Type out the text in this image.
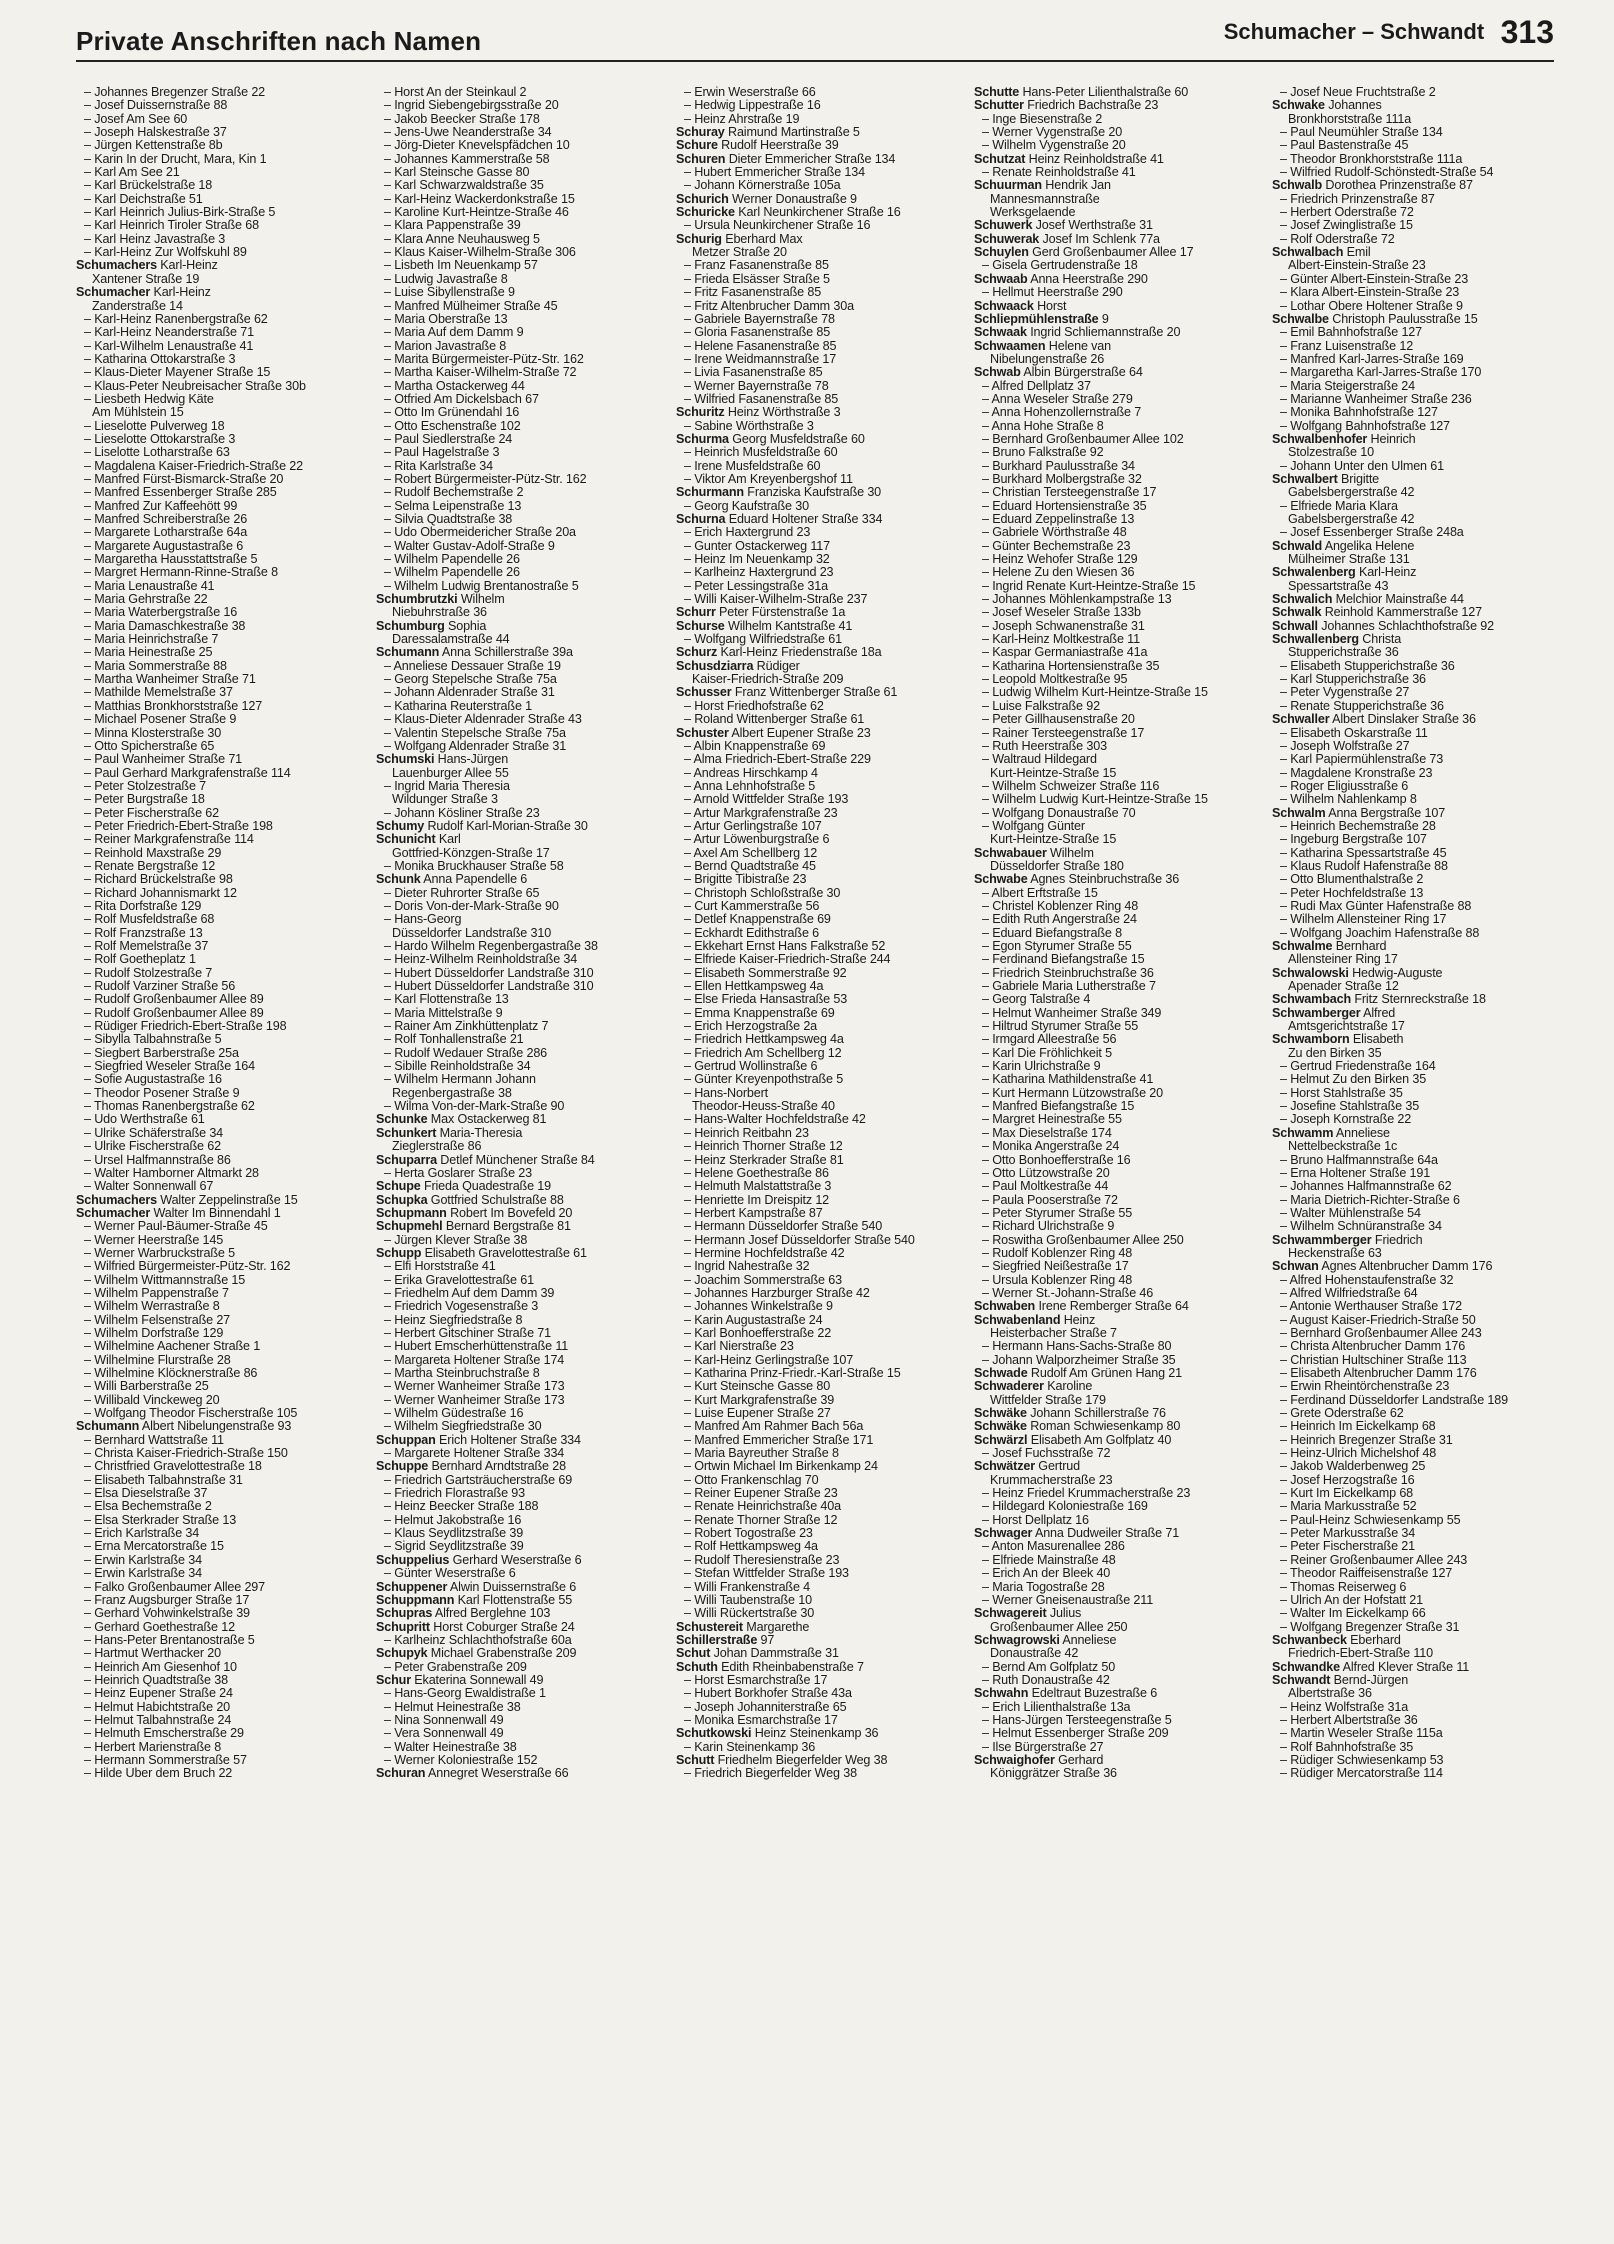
Private Anschriften nach Namen	Schumacher – Schwandt 313
– Johannes Bregenzer Straße 22
– Josef Duissernstraße 88
– Josef Am See 60
– Joseph Halskestraße 37
– Jürgen Kettenstraße 8b
– Karin In der Drucht, Mara, Kin 1
– Karl Am See 21
– Karl Brückelstraße 18
– Karl Deichstraße 51
– Karl Heinrich Julius-Birk-Straße 5
– Karl Heinrich Tiroler Straße 68
– Karl Heinz Javastraße 3
– Karl-Heinz Zur Wolfskuhl 89
Schumachers Karl-Heinz
Xantener Straße 19
Schumacher Karl-Heinz
Zanderstraße 14
– Karl-Heinz Ranenbergstraße 62
– Karl-Heinz Neanderstraße 71
– Karl-Wilhelm Lenaustraße 41
– Katharina Ottokarstraße 3
– Klaus-Dieter Mayener Straße 15
– Klaus-Peter Neubreisacher Straße 30b
– Liesbeth Hedwig Käte
Am Mühlstein 15
– Lieselotte Pulverweg 18
– Lieselotte Ottokarstraße 3
– Liselotte Lotharstraße 63
– Magdalena Kaiser-Friedrich-Straße 22
– Manfred Fürst-Bismarck-Straße 20
– Manfred Essenberger Straße 285
– Manfred Zur Kaffeehött 99
– Manfred Schreiberstraße 26
– Margarete Lotharstraße 64a
– Margarete Augustastraße 6
– Margaretha Hausstattstraße 5
– Margret Hermann-Rinne-Straße 8
– Maria Lenaustraße 41
– Maria Gehrstraße 22
– Maria Waterbergstraße 16
– Maria Damaschkestraße 38
– Maria Heinrichstraße 7
– Maria Heinestraße 25
– Maria Sommerstraße 88
– Martha Wanheimer Straße 71
– Mathilde Memelstraße 37
– Matthias Bronkhorststraße 127
– Michael Posener Straße 9
– Minna Klosterstraße 30
– Otto Spicherstraße 65
– Paul Wanheimer Straße 71
– Paul Gerhard Markgrafenstraße 114
– Peter Stolzestraße 7
– Peter Burgstraße 18
– Peter Fischerstraße 62
– Peter Friedrich-Ebert-Straße 198
– Reiner Markgrafenstraße 114
– Reinhold Maxstraße 29
– Renate Bergstraße 12
– Richard Brückelstraße 98
– Richard Johannismarkt 12
– Rita Dorfstraße 129
– Rolf Musfeldstraße 68
– Rolf Franzstraße 13
– Rolf Memelstraße 37
– Rolf Goetheplatz 1
– Rudolf Stolzestraße 7
– Rudolf Varziner Straße 56
– Rudolf Großenbaumer Allee 89
– Rudolf Großenbaumer Allee 89
– Rüdiger Friedrich-Ebert-Straße 198
– Sibylla Talbahnstraße 5
– Siegbert Barberstraße 25a
– Siegfried Weseler Straße 164
– Sofie Augustastraße 16
– Theodor Posener Straße 9
– Thomas Ranenbergstraße 62
– Udo Werthstraße 61
– Ulrike Schäferstraße 34
– Ulrike Fischerstraße 62
– Ursel Halfmannstraße 86
– Walter Hamborner Altmarkt 28
– Walter Sonnenwall 67
Schumachers Walter Zeppelinstraße 15
Schumacher Walter Im Binnendahl 1
– Werner Paul-Bäumer-Straße 45
– Werner Heerstraße 145
– Werner Warbruckstraße 5
– Wilfried Bürgermeister-Pütz-Str. 162
– Wilhelm Wittmannstraße 15
– Wilhelm Pappenstraße 7
– Wilhelm Werrastraße 8
– Wilhelm Felsenstraße 27
– Wilhelm Dorfstraße 129
– Wilhelmine Aachener Straße 1
– Wilhelmine Flurstraße 28
– Wilhelmine Klöcknerstraße 86
– Willi Barberstraße 25
– Willibald Vinckeweg 20
– Wolfgang Theodor Fischerstraße 105
Schumann Albert Nibelungenstraße 93
– Bernhard Wattstraße 11
– Christa Kaiser-Friedrich-Straße 150
– Christfried Gravelottestraße 18
– Elisabeth Talbahnstraße 31
– Elsa Dieselstraße 37
– Elsa Bechemstraße 2
– Elsa Sterkrader Straße 13
– Erich Karlstraße 34
– Erna Mercatorstraße 15
– Erwin Karlstraße 34
– Erwin Karlstraße 34
– Falko Großenbaumer Allee 297
– Franz Augsburger Straße 17
– Gerhard Vohwinkelstraße 39
– Gerhard Goethestraße 12
– Hans-Peter Brentanostraße 5
– Hartmut Werthacker 20
– Heinrich Am Giesenhof 10
– Heinrich Quadtstraße 38
– Heinz Eupener Straße 24
– Helmut Habichtstraße 20
– Helmut Talbahnstraße 24
– Helmuth Emscherstraße 29
– Herbert Marienstraße 8
– Hermann Sommerstraße 57
– Hilde Über dem Bruch 22
– Horst An der Steinkaul 2
– Ingrid Siebengebirgsstraße 20
– Jakob Beecker Straße 178
– Jens-Uwe Neanderstraße 34
– Jörg-Dieter Knevelspfädchen 10
– Johannes Kammerstraße 58
– Karl Steinsche Gasse 80
– Karl Schwarzwaldstraße 35
– Karl-Heinz Wackerdonkstraße 15
– Karoline Kurt-Heintze-Straße 46
– Klara Pappenstraße 39
– Klara Anne Neuhausweg 5
– Klaus Kaiser-Wilhelm-Straße 306
– Lisbeth Im Neuenkamp 57
– Ludwig Javastraße 8
– Luise Sibyllenstraße 9
– Manfred Mülheimer Straße 45
– Maria Oberstraße 13
– Maria Auf dem Damm 9
– Marion Javastraße 8
– Marita Bürgermeister-Pütz-Str. 162
– Martha Kaiser-Wilhelm-Straße 72
– Martha Ostackerweg 44
– Otfried Am Dickelsbach 67
– Otto Im Grünendahl 16
– Otto Eschenstraße 102
– Paul Siedlerstraße 24
– Paul Hagelstraße 3
– Rita Karlstraße 34
– Robert Bürgermeister-Pütz-Str. 162
– Rudolf Bechemstraße 2
– Selma Leipenstraße 13
– Silvia Quadtstraße 38
– Udo Obermeidericher Straße 20a
– Walter Gustav-Adolf-Straße 9
– Wilhelm Papendelle 26
– Wilhelm Papendelle 26
– Wilhelm Ludwig Brentanostraße 5
Schumbrutzki Wilhelm
Niebuhrstraße 36
Schumburg Sophia
Daressalamstraße 44
Schumann Anna Schillerstraße 39a
– Anneliese Dessauer Straße 19
– Georg Stepelsche Straße 75a
– Johann Aldenrader Straße 31
– Katharina Reuterstraße 1
– Klaus-Dieter Aldenrader Straße 43
– Valentin Stepelsche Straße 75a
– Wolfgang Aldenrader Straße 31
Schumski Hans-Jürgen
Lauenburger Allee 55
– Ingrid Maria Theresia
Wildunger Straße 3
– Johann Kösliner Straße 23
Schumy Rudolf Karl-Morian-Straße 30
Schunicht Karl
Gottfried-Könzgen-Straße 17
– Monika Bruckhauser Straße 58
Schunk Anna Papendelle 6
– Dieter Ruhrorter Straße 65
– Doris Von-der-Mark-Straße 90
– Hans-Georg
Düsseldorfer Landstraße 310
– Hardo Wilhelm Regenbergastraße 38
– Heinz-Wilhelm Reinholdstraße 34
– Hubert Düsseldorfer Landstraße 310
– Hubert Düsseldorfer Landstraße 310
– Karl Flottenstraße 13
– Maria Mittelstraße 9
– Rainer Am Zinkhüttenplatz 7
– Rolf Tonhallenstraße 21
– Rudolf Wedauer Straße 286
– Sibille Reinholdstraße 34
– Wilhelm Hermann Johann
Regenbergastraße 38
– Wilma Von-der-Mark-Straße 90
Schunke Max Ostackerweg 81
Schunkert Maria-Theresia
Zieglerstraße 86
Schuparra Detlef Münchener Straße 84
– Herta Goslarer Straße 23
Schupe Frieda Quadestraße 19
Schupka Gottfried Schulstraße 88
Schupmann Robert Im Bovefeld 20
Schupmehl Bernard Bergstraße 81
– Jürgen Klever Straße 38
Schupp Elisabeth Gravelottestraße 61
– Elfi Horststraße 41
– Erika Gravelottestraße 61
– Friedhelm Auf dem Damm 39
– Friedrich Vogesenstraße 3
– Heinz Siegfriedstraße 8
– Herbert Gitschiner Straße 71
– Hubert Emscherhüttenstraße 11
– Margareta Holtener Straße 174
– Martha Steinbruchstraße 8
– Werner Wanheimer Straße 173
– Werner Wanheimer Straße 173
– Wilhelm Güdestraße 16
– Wilhelm Siegfriedstraße 30
Schuppan Erich Holtener Straße 334
– Margarete Holtener Straße 334
Schuppe Bernhard Arndtstraße 28
– Friedrich Gartsträucherstraße 69
– Friedrich Florastraße 93
– Heinz Beecker Straße 188
– Helmut Jakobstraße 16
– Klaus Seydlitzstraße 39
– Sigrid Seydlitzstraße 39
Schuppelius Gerhard Weserstraße 6
– Günter Weserstraße 6
Schuppener Alwin Duissernstraße 6
Schuppmann Karl Flottenstraße 55
Schupras Alfred Berglehne 103
Schupritt Horst Coburger Straße 24
– Karlheinz Schlachthofstraße 60a
Schupyk Michael Grabenstraße 209
– Peter Grabenstraße 209
Schur Ekaterina Sonnewall 49
– Hans-Georg Ewaldistraße 1
– Helmut Heinestraße 38
– Nina Sonnenwall 49
– Vera Sonnenwall 49
– Walter Heinestraße 38
– Werner Koloniestraße 152
Schuran Annegret Weserstraße 66
– Erwin Weserstraße 66
– Hedwig Lippestraße 16
– Heinz Ahrstraße 19
Schuray Raimund Martinstraße 5
Schure Rudolf Heerstraße 39
Schuren Dieter Emmericher Straße 134
– Hubert Emmericher Straße 134
– Johann Körnerstraße 105a
Schurich Werner Donaustraße 9
Schuricke Karl Neunkirchener Straße 16
– Ursula Neunkirchener Straße 16
Schurig Eberhard Max
Metzer Straße 20
– Franz Fasanenstraße 85
– Frieda Elsässer Straße 5
– Fritz Fasanenstraße 85
– Fritz Altenbrucher Damm 30a
– Gabriele Bayernstraße 78
– Gloria Fasanenstraße 85
– Helene Fasanenstraße 85
– Irene Weidmannstraße 17
– Livia Fasanenstraße 85
– Werner Bayernstraße 78
– Wilfried Fasanenstraße 85
Schuritz Heinz Wörthstraße 3
– Sabine Wörthstraße 3
Schurma Georg Musfeldstraße 60
– Heinrich Musfeldstraße 60
– Irene Musfeldstraße 60
– Viktor Am Kreyenbergshof 11
Schurmann Franziska Kaufstraße 30
– Georg Kaufstraße 30
Schurna Eduard Holtener Straße 334
– Erich Haxtergrund 23
– Gunter Ostackerweg 117
– Heinz Im Neuenkamp 32
– Karlheinz Haxtergrund 23
– Peter Lessingstraße 31a
– Willi Kaiser-Wilhelm-Straße 237
Schurr Peter Fürstenstraße 1a
Schurse Wilhelm Kantstraße 41
– Wolfgang Wilfriedstraße 61
Schurz Karl-Heinz Friedenstraße 18a
Schusdziarra Rüdiger
Kaiser-Friedrich-Straße 209
Schusser Franz Wittenberger Straße 61
– Horst Friedhofstraße 62
– Roland Wittenberger Straße 61
Schuster Albert Eupener Straße 23
– Albin Knappenstraße 69
– Alma Friedrich-Ebert-Straße 229
– Andreas Hirschkamp 4
– Anna Lehnhofstraße 5
– Arnold Wittfelder Straße 193
– Artur Markgrafenstraße 23
– Artur Gerlingstraße 107
– Artur Löwenburgstraße 6
– Axel Am Schellberg 12
– Bernd Quadtstraße 45
– Brigitte Tibistraße 23
– Christoph Schloßstraße 30
– Curt Kammerstraße 56
– Detlef Knappenstraße 69
– Eckhardt Edithstraße 6
– Ekkehart Ernst Hans Falkstraße 52
– Elfriede Kaiser-Friedrich-Straße 244
– Elisabeth Sommerstraße 92
– Ellen Hettkampsweg 4a
– Else Frieda Hansastraße 53
– Emma Knappenstraße 69
– Erich Herzogstraße 2a
– Friedrich Hettkampsweg 4a
– Friedrich Am Schellberg 12
– Gertrud Wollinstraße 6
– Günter Kreyenpothstraße 5
– Hans-Norbert
Theodor-Heuss-Straße 40
– Hans-Walter Hochfeldstraße 42
– Heinrich Reitbahn 23
– Heinrich Thorner Straße 12
– Heinz Sterkrader Straße 81
– Helene Goethestraße 86
– Helmuth Malstattstraße 3
– Henriette Im Dreispitz 12
– Herbert Kampstraße 87
– Hermann Düsseldorfer Straße 540
– Hermann Josef Düsseldorfer Straße 540
– Hermine Hochfeldstraße 42
– Ingrid Nahestraße 32
– Joachim Sommerstraße 63
– Johannes Harzburger Straße 42
– Johannes Winkelstraße 9
– Karin Augustastraße 24
– Karl Bonhoefferstraße 22
– Karl Nierstraße 23
– Karl-Heinz Gerlingstraße 107
– Katharina Prinz-Friedr.-Karl-Straße 15
– Kurt Steinsche Gasse 80
– Kurt Markgrafenstraße 39
– Luise Eupener Straße 27
– Manfred Am Rahmer Bach 56a
– Manfred Emmericher Straße 171
– Maria Bayreuther Straße 8
– Ortwin Michael Im Birkenkamp 24
– Otto Frankenschlag 70
– Reiner Eupener Straße 23
– Renate Heinrichstraße 40a
– Renate Thorner Straße 12
– Robert Togostraße 23
– Rolf Hettkampsweg 4a
– Rudolf Theresienstraße 23
– Stefan Wittfelder Straße 193
– Willi Frankenstraße 4
– Willi Taubenstraße 10
– Willi Rückertstraße 30
Schustereit Margarethe
Schillerstraße 97
Schut Johan Dammstraße 31
Schuth Edith Rheinbabenstraße 7
– Horst Esmarchstraße 17
– Hubert Borkhofer Straße 43a
– Joseph Johanniterstraße 65
– Monika Esmarchstraße 17
Schutkowski Heinz Steinenkamp 36
– Karin Steinenkamp 36
Schutt Friedhelm Biegerfelder Weg 38
– Friedrich Biegerfelder Weg 38
Schutte Hans-Peter Lilienthalstraße 60
Schutter Friedrich Bachstraße 23
– Inge Biesenstraße 2
– Werner Vygenstraße 20
– Wilhelm Vygenstraße 20
Schutzat Heinz Reinholdstraße 41
– Renate Reinholdstraße 41
Schuurman Hendrik Jan
Mannesmannstraße
Werksgelaende
Schuwerk Josef Werthstraße 31
Schuwerak Josef Im Schlenk 77a
Schuylen Gerd Großenbaumer Allee 17
– Gisela Gertrudenstraße 18
Schwaab Anna Heerstraße 290
– Hellmut Heerstraße 290
Schwaack Horst
Schliepmühlenstraße 9
Schwaak Ingrid Schliemannstraße 20
Schwaamen Helene van
Nibelungenstraße 26
Schwab Albin Bürgerstraße 64
– Alfred Dellplatz 37
– Anna Weseler Straße 279
– Anna Hohenzollernstraße 7
– Anna Hohe Straße 8
– Bernhard Großenbaumer Allee 102
– Bruno Falkstraße 92
– Burkhard Paulusstraße 34
– Burkhard Molbergstraße 32
– Christian Tersteegenstraße 17
– Eduard Hortensienstraße 35
– Eduard Zeppelinstraße 13
– Gabriele Wörthstraße 48
– Günter Bechemstraße 23
– Heinz Wehofer Straße 129
– Helene Zu den Wiesen 36
– Ingrid Renate Kurt-Heintze-Straße 15
– Johannes Möhlenkampstraße 13
– Josef Weseler Straße 133b
– Joseph Schwanenstraße 31
– Karl-Heinz Moltkestraße 11
– Kaspar Germaniastraße 41a
– Katharina Hortensienstraße 35
– Leopold Moltkestraße 95
– Ludwig Wilhelm Kurt-Heintze-Straße 15
– Luise Falkstraße 92
– Peter Gillhausenstraße 20
– Rainer Tersteegenstraße 17
– Ruth Heerstraße 303
– Waltraud Hildegard
Kurt-Heintze-Straße 15
– Wilhelm Schweizer Straße 116
– Wilhelm Ludwig Kurt-Heintze-Straße 15
– Wolfgang Donaustraße 70
– Wolfgang Günter
Kurt-Heintze-Straße 15
Schwabauer Wilhelm
Düsseldorfer Straße 180
Schwabe Agnes Steinbruchstraße 36
– Albert Erftstraße 15
– Christel Koblenzer Ring 48
– Edith Ruth Angerstraße 24
– Eduard Biefangstraße 8
– Egon Styrumer Straße 55
– Ferdinand Biefangstraße 15
– Friedrich Steinbruchstraße 36
– Gabriele Maria Lutherstraße 7
– Georg Talstraße 4
– Helmut Wanheimer Straße 349
– Hiltrud Styrumer Straße 55
– Irmgard Alleestraße 56
– Karl Die Fröhlichkeit 5
– Karin Ulrichstraße 9
– Katharina Mathildenstraße 41
– Kurt Hermann Lützowstraße 20
– Manfred Biefangstraße 15
– Margret Heinestraße 55
– Max Dieselstraße 174
– Monika Angerstraße 24
– Otto Bonhoefferstraße 16
– Otto Lützowstraße 20
– Paul Moltkestraße 44
– Paula Pooserstraße 72
– Peter Styrumer Straße 55
– Richard Ulrichstraße 9
– Roswitha Großenbaumer Allee 250
– Rudolf Koblenzer Ring 48
– Siegfried Neißestraße 17
– Ursula Koblenzer Ring 48
– Werner St.-Johann-Straße 46
Schwaben Irene Remberger Straße 64
Schwabenland Heinz
Heisterbacher Straße 7
– Hermann Hans-Sachs-Straße 80
– Johann Walporzheimer Straße 35
Schwade Rudolf Am Grünen Hang 21
Schwaderer Karoline
Wittfelder Straße 179
Schwäke Johann Schillerstraße 76
Schwäke Roman Schwiesenkamp 80
Schwärzl Elisabeth Am Golfplatz 40
– Josef Fuchsstraße 72
Schwätzer Gertrud
Krummacherstraße 23
– Heinz Friedel Krummacherstraße 23
– Hildegard Koloniestraße 169
– Horst Dellplatz 16
Schwager Anna Dudweiler Straße 71
– Anton Masurenallee 286
– Elfriede Mainstraße 48
– Erich An der Bleek 40
– Maria Togostraße 28
– Werner Gneisenaustraße 211
Schwagereit Julius
Großenbaumer Allee 250
Schwagrowski Anneliese
Donaustraße 42
– Bernd Am Golfplatz 50
– Ruth Donaustraße 42
Schwahn Edeltraut Buzestraße 6
– Erich Lilienthalstraße 13a
– Hans-Jürgen Tersteegenstraße 5
– Helmut Essenberger Straße 209
– Ilse Bürgerstraße 27
Schwaighofer Gerhard
Königgrätzer Straße 36
– Josef Neue Fruchtstraße 2
Schwake Johannes
Bronkhorststraße 111a
– Paul Neumühler Straße 134
– Paul Bastenstraße 45
– Theodor Bronkhorststraße 111a
– Wilfried Rudolf-Schönstedt-Straße 54
Schwalb Dorothea Prinzenstraße 87
– Friedrich Prinzenstraße 87
– Herbert Oderstraße 72
– Josef Zwinglistraße 15
– Rolf Oderstraße 72
Schwalbach Emil
Albert-Einstein-Straße 23
– Günter Albert-Einstein-Straße 23
– Klara Albert-Einstein-Straße 23
– Lothar Obere Holtener Straße 9
Schwalbe Christoph Paulusstraße 15
– Emil Bahnhofstraße 127
– Franz Luisenstraße 12
– Manfred Karl-Jarres-Straße 169
– Margaretha Karl-Jarres-Straße 170
– Maria Steigerstraße 24
– Marianne Wanheimer Straße 236
– Monika Bahnhofstraße 127
– Wolfgang Bahnhofstraße 127
Schwalbenhofer Heinrich
Stolzestraße 10
– Johann Unter den Ulmen 61
Schwalbert Brigitte
Gabelsbergerstraße 42
– Elfriede Maria Klara
Gabelsbergerstraße 42
– Josef Essenberger Straße 248a
Schwald Angelika Helene
Mülheimer Straße 131
Schwalenberg Karl-Heinz
Spessartstraße 43
Schwalich Melchior Mainstraße 44
Schwalk Reinhold Kammerstraße 127
Schwall Johannes Schlachthofstraße 92
Schwallenberg Christa
Stupperichstraße 36
– Elisabeth Stupperichstraße 36
– Karl Stupperichstraße 36
– Peter Vygenstraße 27
– Renate Stupperichstraße 36
Schwaller Albert Dinslaker Straße 36
– Elisabeth Oskarstraße 11
– Joseph Wolfstraße 27
– Karl Papiermühlenstraße 73
– Magdalene Kronstraße 23
– Roger Eligiusstraße 6
– Wilhelm Nahlenkamp 8
Schwalm Anna Bergstraße 107
– Heinrich Bechemstraße 28
– Ingeburg Bergstraße 107
– Katharina Spessartstraße 45
– Klaus Rudolf Hafenstraße 88
– Otto Blumenthalstraße 2
– Peter Hochfeldstraße 13
– Rudi Max Günter Hafenstraße 88
– Wilhelm Allensteiner Ring 17
– Wolfgang Joachim Hafenstraße 88
Schwalme Bernhard
Allensteiner Ring 17
Schwalowski Hedwig-Auguste
Apenader Straße 12
Schwambach Fritz Sternreckstraße 18
Schwamberger Alfred
Amtsgerichtstraße 17
Schwamborn Elisabeth
Zu den Birken 35
– Gertrud Friedenstraße 164
– Helmut Zu den Birken 35
– Horst Stahlstraße 35
– Josefine Stahlstraße 35
– Joseph Kornstraße 22
Schwamm Anneliese
Nettelbeckstraße 1c
– Bruno Halfmannstraße 64a
– Erna Holtener Straße 191
– Johannes Halfmannstraße 62
– Maria Dietrich-Richter-Straße 6
– Walter Mühlenstraße 54
– Wilhelm Schnüranstraße 34
Schwammberger Friedrich
Heckenstraße 63
Schwan Agnes Altenbrucher Damm 176
– Alfred Hohenstaufenstraße 32
– Alfred Wilfriedstraße 64
– Antonie Werthauser Straße 172
– August Kaiser-Friedrich-Straße 50
– Bernhard Großenbaumer Allee 243
– Christa Altenbrucher Damm 176
– Christian Hultschiner Straße 113
– Elisabeth Altenbrucher Damm 176
– Erwin Rheintörchenstraße 23
– Ferdinand Düsseldorfer Landstraße 189
– Grete Oderstraße 62
– Heinrich Im Eickelkamp 68
– Heinrich Bregenzer Straße 31
– Heinz-Ulrich Michelshof 48
– Jakob Walderbenweg 25
– Josef Herzogstraße 16
– Kurt Im Eickelkamp 68
– Maria Markusstraße 52
– Paul-Heinz Schwiesenkamp 55
– Peter Markusstraße 34
– Peter Fischerstraße 21
– Reiner Großenbaumer Allee 243
– Theodor Raiffeisenstraße 127
– Thomas Reiserweg 6
– Ulrich An der Hofstatt 21
– Walter Im Eickelkamp 66
– Wolfgang Bregenzer Straße 31
Schwanbeck Eberhard
Friedrich-Ebert-Straße 110
Schwandke Alfred Klever Straße 11
Schwandt Bernd-Jürgen
Albertstraße 36
– Heinz Wolfstraße 31a
– Herbert Albertstraße 36
– Martin Weseler Straße 115a
– Rolf Bahnhofstraße 35
– Rüdiger Schwiesenkamp 53
– Rüdiger Mercatorstraße 114
